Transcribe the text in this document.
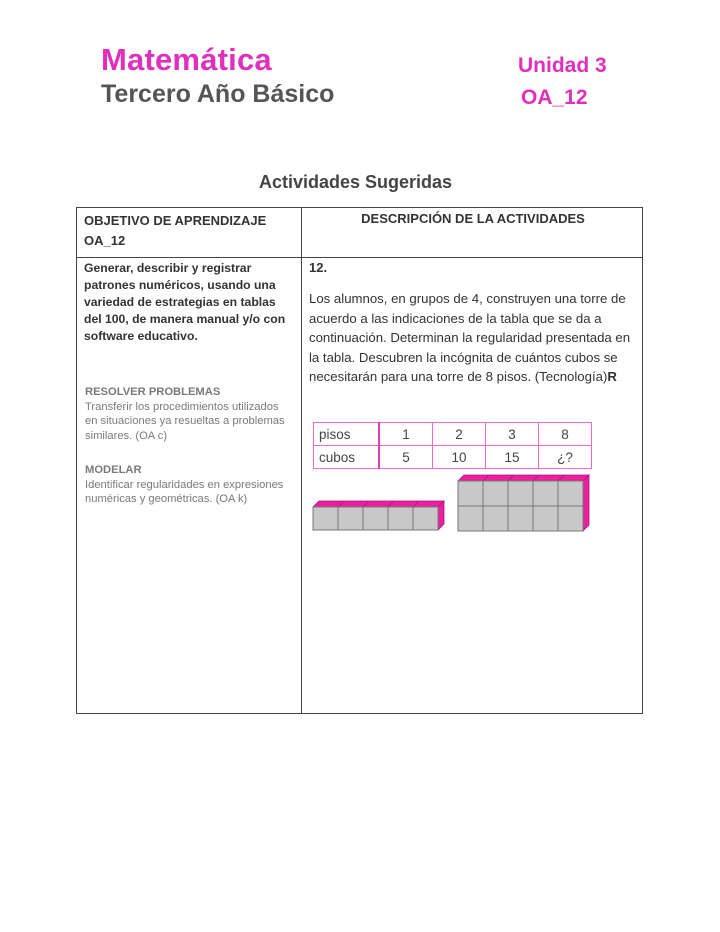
Matemática
Tercero Año Básico
Unidad 3
OA_12
Actividades Sugeridas
OBJETIVO DE APRENDIZAJE OA_12
DESCRIPCIÓN DE LA ACTIVIDADES
Generar, describir y registrar patrones numéricos, usando una variedad de estrategias en tablas del 100, de manera manual y/o con software educativo.
RESOLVER PROBLEMAS
Transferir los procedimientos utilizados en situaciones ya resueltas a problemas similares. (OA c)
MODELAR
Identificar regularidades en expresiones numéricas y geométricas. (OA k)
12.
Los alumnos, en grupos de 4, construyen una torre de acuerdo a las indicaciones de la tabla que se da a continuación. Determinan la regularidad presentada en la tabla. Descubren la incógnita de cuántos cubos se necesitarán para una torre de 8 pisos. (Tecnología)R
pisos	1	2	3	8
cubos	5	10	15	¿?
